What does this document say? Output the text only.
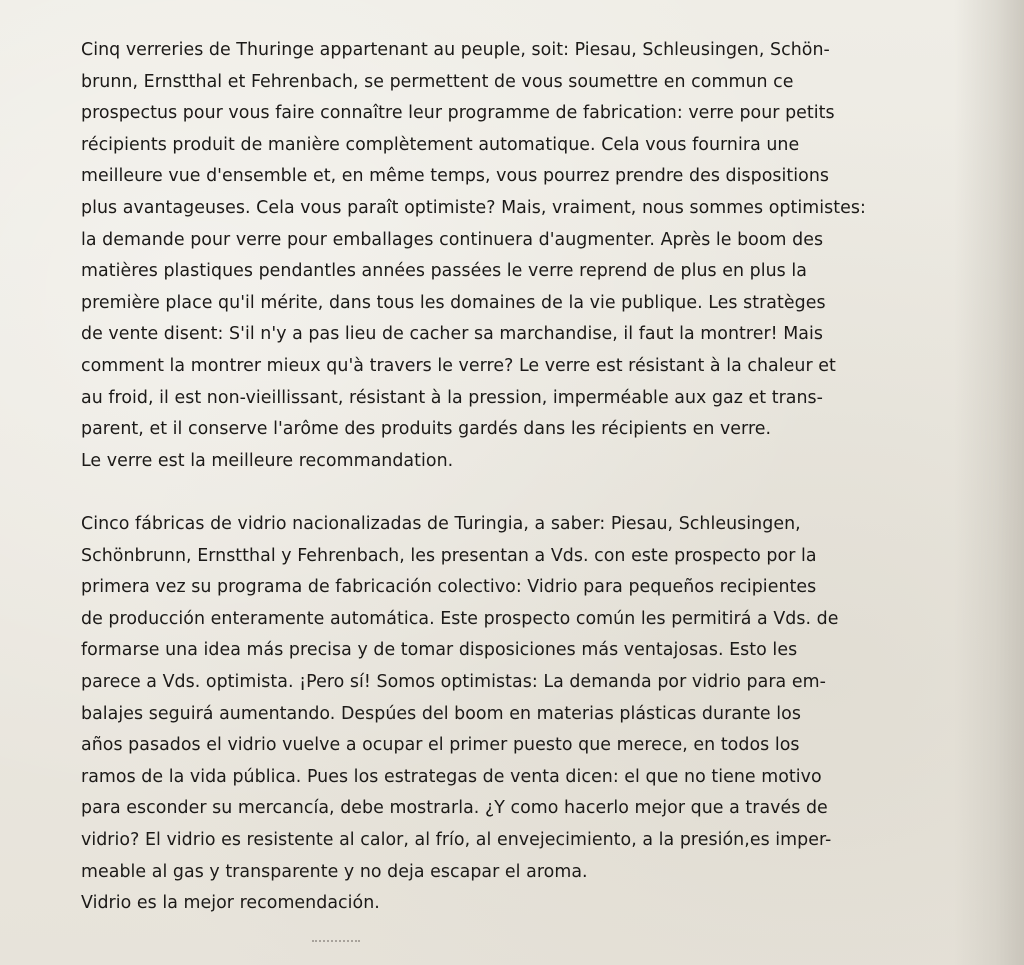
Cinq verreries de Thuringe appartenant au peuple, soit: Piesau, Schleusingen, Schön-
brunn, Ernstthal et Fehrenbach, se permettent de vous soumettre en commun ce
prospectus pour vous faire connaître leur programme de fabrication: verre pour petits
récipients produit de manière complètement automatique. Cela vous fournira une
meilleure vue d'ensemble et, en même temps, vous pourrez prendre des dispositions
plus avantageuses. Cela vous paraît optimiste? Mais, vraiment, nous sommes optimistes:
la demande pour verre pour emballages continuera d'augmenter. Après le boom des
matières plastiques pendantles années passées le verre reprend de plus en plus la
première place qu'il mérite, dans tous les domaines de la vie publique. Les stratèges
de vente disent: S'il n'y a pas lieu de cacher sa marchandise, il faut la montrer! Mais
comment la montrer mieux qu'à travers le verre? Le verre est résistant à la chaleur et
au froid, il est non-vieillissant, résistant à la pression, imperméable aux gaz et trans-
parent, et il conserve l'arôme des produits gardés dans les récipients en verre.
Le verre est la meilleure recommandation.
Cinco fábricas de vidrio nacionalizadas de Turingia, a saber: Piesau, Schleusingen,
Schönbrunn, Ernstthal y Fehrenbach, les presentan a Vds. con este prospecto por la
primera vez su programa de fabricación colectivo: Vidrio para pequeños recipientes
de producción enteramente automática. Este prospecto común les permitirá a Vds. de
formarse una idea más precisa y de tomar disposiciones más ventajosas. Esto les
parece a Vds. optimista. ¡Pero sí! Somos optimistas: La demanda por vidrio para em-
balajes seguirá aumentando. Despúes del boom en materias plásticas durante los
años pasados el vidrio vuelve a ocupar el primer puesto que merece, en todos los
ramos de la vida pública. Pues los estrategas de venta dicen: el que no tiene motivo
para esconder su mercancía, debe mostrarla. ¿Y como hacerlo mejor que a través de
vidrio? El vidrio es resistente al calor, al frío, al envejecimiento, a la presión,es imper-
meable al gas y transparente y no deja escapar el aroma.
Vidrio es la mejor recomendación.
